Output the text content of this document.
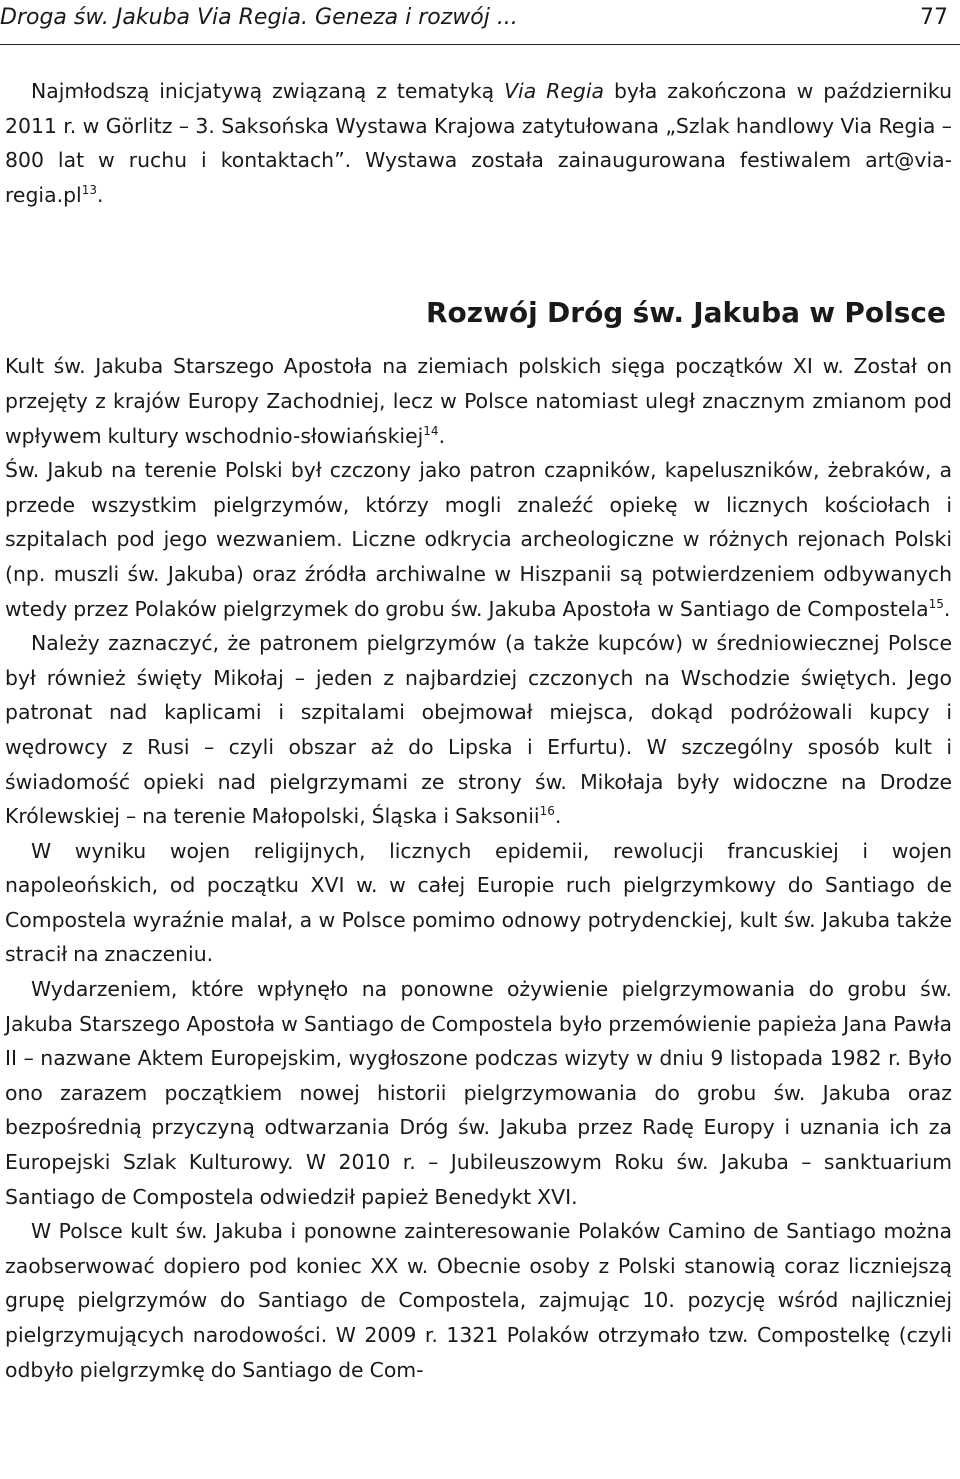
Droga św. Jakuba Via Regia. Geneza i rozwój ...	77

Najmłodszą inicjatywą związaną z tematyką Via Regia była zakończona w październiku 2011 r. w Görlitz – 3. Saksońska Wystawa Krajowa zatytułowana „Szlak handlowy Via Regia – 800 lat w ruchu i kontaktach”. Wystawa została zainaugurowana festiwalem $art@via-regia.pl^{13}$.

Rozwój Dróg św. Jakuba w Polsce

Kult św. Jakuba Starszego Apostoła na ziemiach polskich sięga początków XI w. Został on przejęty z krajów Europy Zachodniej, lecz w Polsce natomiast uległ znacznym zmianom pod wpływem kultury wschodnio-słowiańskiej$^{14}$.

Św. Jakub na terenie Polski był czczony jako patron czapników, kapeluszników, żebraków, a przede wszystkim pielgrzymów, którzy mogli znaleźć opiekę w licznych kościołach i szpitalach pod jego wezwaniem. Liczne odkrycia archeologiczne w różnych rejonach Polski (np. muszli św. Jakuba) oraz źródła archiwalne w Hiszpanii są potwierdzeniem odbywanych wtedy przez Polaków pielgrzymek do grobu św. Jakuba Apostoła w Santiago de Compostela$^{15}$.

Należy zaznaczyć, że patronem pielgrzymów (a także kupców) w średniowiecznej Polsce był również święty Mikołaj – jeden z najbardziej czczonych na Wschodzie świętych. Jego patronat nad kaplicami i szpitalami obejmował miejsca, dokąd podróżowali kupcy i wędrowcy z Rusi – czyli obszar aż do Lipska i Erfurtu). W szczególny sposób kult i świadomość opieki nad pielgrzymami ze strony św. Mikołaja były widoczne na Drodze Królewskiej – na terenie Małopolski, Śląska i Saksonii$^{16}$.

W wyniku wojen religijnych, licznych epidemii, rewolucji francuskiej i wojen napoleońskich, od początku XVI w. w całej Europie ruch pielgrzymkowy do Santiago de Compostela wyraźnie malał, a w Polsce pomimo odnowy potrydenckiej, kult św. Jakuba także stracił na znaczeniu.

Wydarzeniem, które wpłynęło na ponowne ożywienie pielgrzymowania do grobu św. Jakuba Starszego Apostoła w Santiago de Compostela było przemówienie papieża Jana Pawła II – nazwane Aktem Europejskim, wygłoszone podczas wizyty w dniu 9 listopada 1982 r. Było ono zarazem początkiem nowej historii pielgrzymowania do grobu św. Jakuba oraz bezpośrednią przyczyną odtwarzania Dróg św. Jakuba przez Radę Europy i uznania ich za Europejski Szlak Kulturowy. W 2010 r. – Jubileuszowym Roku św. Jakuba – sanktuarium Santiago de Compostela odwiedził papież Benedykt XVI.

W Polsce kult św. Jakuba i ponowne zainteresowanie Polaków Camino de Santiago można zaobserwować dopiero pod koniec XX w. Obecnie osoby z Polski stanowią coraz liczniejszą grupę pielgrzymów do Santiago de Compostela, zajmując 10. pozycję wśród najliczniej pielgrzymujących narodowości. W 2009 r. 1321 Polaków otrzymało tzw. Compostelkę (czyli odbyło pielgrzymkę do Santiago de Com-
